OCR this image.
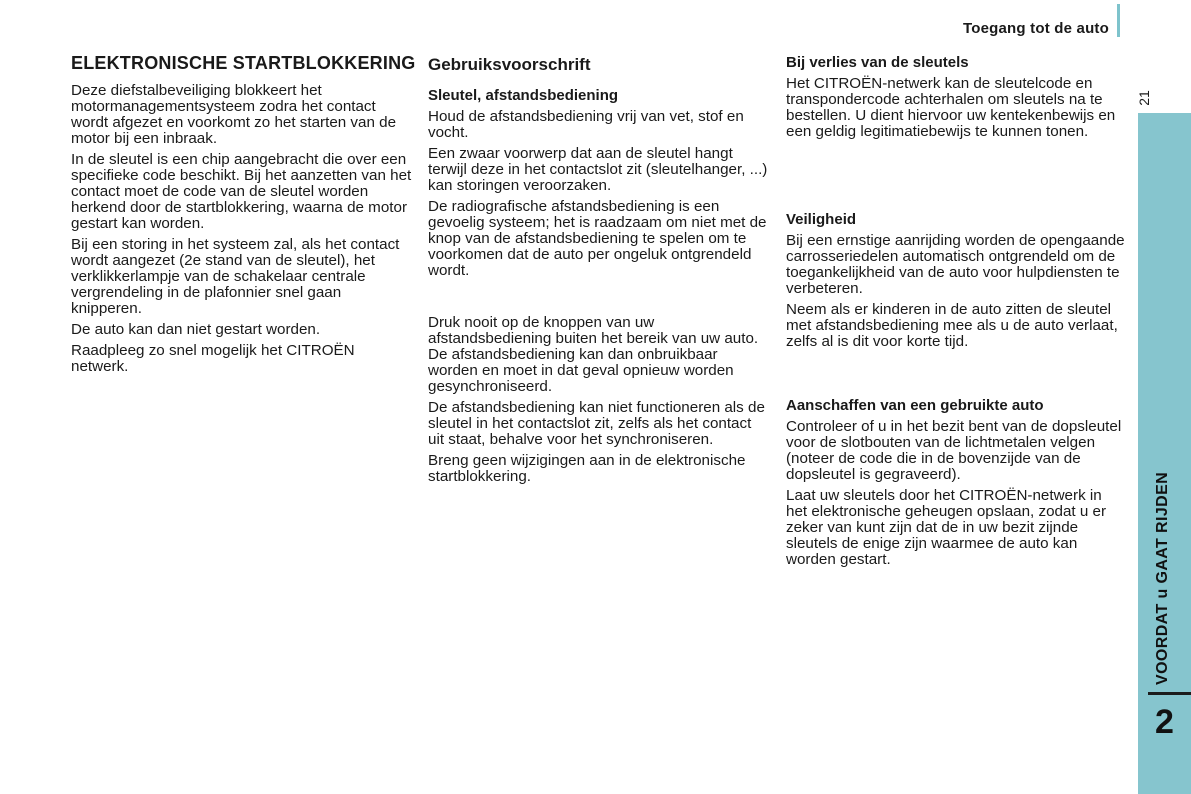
Toegang tot de auto
21
VOORDAT u GAAT RIJDEN
2
ELEKTRONISCHE STARTBLOKKERING

Deze diefstalbeveiliging blokkeert het motormanagementsysteem zodra het contact wordt afgezet en voorkomt zo het starten van de motor bij een inbraak.

In de sleutel is een chip aangebracht die over een specifieke code beschikt. Bij het aanzetten van het contact moet de code van de sleutel worden herkend door de startblokkering, waarna de motor gestart kan worden.

Bij een storing in het systeem zal, als het contact wordt aangezet (2e stand van de sleutel), het verklikkerlampje van de schakelaar centrale vergrendeling in de plafonnier snel gaan knipperen.

De auto kan dan niet gestart worden.

Raadpleeg zo snel mogelijk het CITROËN netwerk.

Gebruiksvoorschrift
Sleutel, afstandsbediening

Houd de afstandsbediening vrij van vet, stof en vocht.

Een zwaar voorwerp dat aan de sleutel hangt terwijl deze in het contactslot zit (sleutelhanger, ...) kan storingen veroorzaken.

De radiografische afstandsbediening is een gevoelig systeem; het is raadzaam om niet met de knop van de afstandsbediening te spelen om te voorkomen dat de auto per ongeluk ontgrendeld wordt.

Druk nooit op de knoppen van uw afstandsbediening buiten het bereik van uw auto. De afstandsbediening kan dan onbruikbaar worden en moet in dat geval opnieuw worden gesynchroniseerd.

De afstandsbediening kan niet functioneren als de sleutel in het contactslot zit, zelfs als het contact uit staat, behalve voor het synchroniseren.

Breng geen wijzigingen aan in de elektronische startblokkering.

Bij verlies van de sleutels

Het CITROËN-netwerk kan de sleutelcode en transpondercode achterhalen om sleutels na te bestellen. U dient hiervoor uw kentekenbewijs en een geldig legitimatiebewijs te kunnen tonen.

Veiligheid

Bij een ernstige aanrijding worden de opengaande carrosseriedelen automatisch ontgrendeld om de toegankelijkheid van de auto voor hulpdiensten te verbeteren.

Neem als er kinderen in de auto zitten de sleutel met afstandsbediening mee als u de auto verlaat, zelfs al is dit voor korte tijd.

Aanschaffen van een gebruikte auto

Controleer of u in het bezit bent van de dopsleutel voor de slotbouten van de lichtmetalen velgen (noteer de code die in de bovenzijde van de dopsleutel is gegraveerd).

Laat uw sleutels door het CITROËN-netwerk in het elektronische geheugen opslaan, zodat u er zeker van kunt zijn dat de in uw bezit zijnde sleutels de enige zijn waarmee de auto kan worden gestart.
